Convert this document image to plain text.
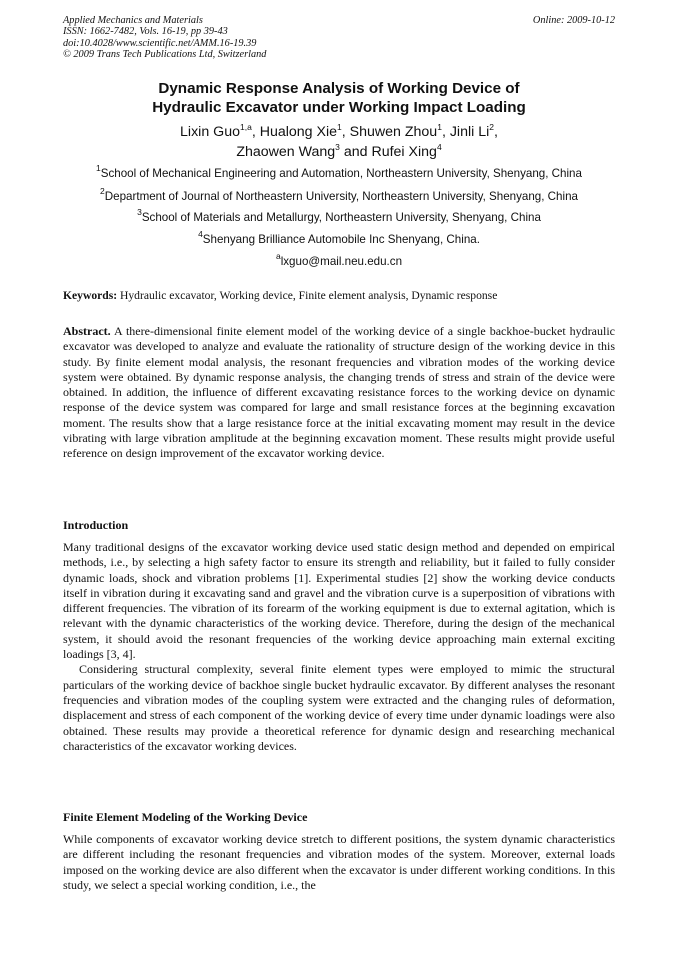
Applied Mechanics and Materials
ISSN: 1662-7482, Vols. 16-19, pp 39-43
doi:10.4028/www.scientific.net/AMM.16-19.39
© 2009 Trans Tech Publications Ltd, Switzerland
Online: 2009-10-12
Dynamic Response Analysis of Working Device of
Hydraulic Excavator under Working Impact Loading
Lixin Guo$^{1,a}$, Hualong Xie$^1$, Shuwen Zhou$^1$, Jinli Li$^2$,
Zhaowen Wang$^3$ and Rufei Xing$^4$
$^1$School of Mechanical Engineering and Automation, Northeastern University, Shenyang, China
$^2$Department of Journal of Northeastern University, Northeastern University, Shenyang, China
$^3$School of Materials and Metallurgy, Northeastern University, Shenyang, China
$^4$Shenyang Brilliance Automobile Inc Shenyang, China.
$^a$lxguo@mail.neu.edu.cn
Keywords: Hydraulic excavator, Working device, Finite element analysis, Dynamic response
Abstract. A there-dimensional finite element model of the working device of a single backhoe-bucket hydraulic excavator was developed to analyze and evaluate the rationality of structure design of the working device in this study. By finite element modal analysis, the resonant frequencies and vibration modes of the working device system were obtained. By dynamic response analysis, the changing trends of stress and strain of the device were obtained. In addition, the influence of different excavating resistance forces to the working device on dynamic response of the device system was compared for large and small resistance forces at the beginning excavation moment. The results show that a large resistance force at the initial excavating moment may result in the device vibrating with large vibration amplitude at the beginning excavation moment. These results might provide useful reference on design improvement of the excavator working device.
Introduction

Many traditional designs of the excavator working device used static design method and depended on empirical methods, i.e., by selecting a high safety factor to ensure its strength and reliability, but it failed to fully consider dynamic loads, shock and vibration problems [1]. Experimental studies [2] show the working device conducts itself in vibration during it excavating sand and gravel and the vibration curve is a superposition of vibrations with different frequencies. The vibration of its forearm of the working equipment is due to external agitation, which is relevant with the dynamic characteristics of the working device. Therefore, during the design of the mechanical system, it should avoid the resonant frequencies of the working device approaching main external exciting loadings [3, 4].

Considering structural complexity, several finite element types were employed to mimic the structural particulars of the working device of backhoe single bucket hydraulic excavator. By different analyses the resonant frequencies and vibration modes of the coupling system were extracted and the changing rules of deformation, displacement and stress of each component of the working device of every time under dynamic loadings were also obtained. These results may provide a theoretical reference for dynamic design and researching mechanical characteristics of the excavator working devices.

Finite Element Modeling of the Working Device

While components of excavator working device stretch to different positions, the system dynamic characteristics are different including the resonant frequencies and vibration modes of the system. Moreover, external loads imposed on the working device are also different when the excavator is under different working conditions. In this study, we select a special working condition, i.e., the
